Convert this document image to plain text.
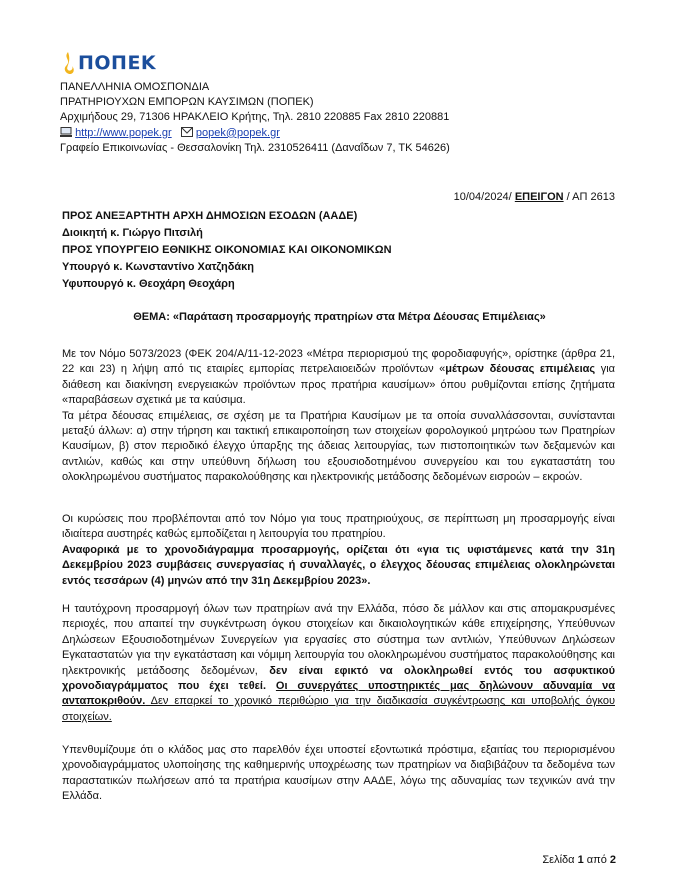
ΠΟΠΕΚ
ΠΑΝΕΛΛΗΝΙΑ ΟΜΟΣΠΟΝΔΙΑ
ΠΡΑΤΗΡΙΟΥΧΩΝ ΕΜΠΟΡΩΝ ΚΑΥΣΙΜΩΝ (ΠΟΠΕΚ)
Αρχιμήδους 29, 71306 ΗΡΑΚΛΕΙΟ Κρήτης, Τηλ. 2810 220885 Fax 2810 220881
http://www.popek.gr popek@popek.gr
Γραφείο Επικοινωνίας - Θεσσαλονίκη Τηλ. 2310526411 (Δαναΐδων 7, ΤΚ 54626)
10/04/2024/ ΕΠΕΙΓΟΝ / ΑΠ 2613
ΠΡΟΣ ΑΝΕΞΑΡΤΗΤΗ ΑΡΧΗ ΔΗΜΟΣΙΩΝ ΕΣΟΔΩΝ (ΑΑΔΕ)
Διοικητή κ. Γιώργο Πιτσιλή
ΠΡΟΣ ΥΠΟΥΡΓΕΙΟ ΕΘΝΙΚΗΣ ΟΙΚΟΝΟΜΙΑΣ ΚΑΙ ΟΙΚΟΝΟΜΙΚΩΝ
Υπουργό κ. Κωνσταντίνο Χατζηδάκη
Υφυπουργό κ. Θεοχάρη Θεοχάρη
ΘΕΜΑ: «Παράταση προσαρμογής πρατηρίων στα Μέτρα Δέουσας Επιμέλειας»

Με τον Νόμο 5073/2023 (ΦΕΚ 204/Α/11-12-2023 «Μέτρα περιορισμού της φοροδιαφυγής», ορίστηκε (άρθρα 21, 22 και 23) η λήψη από τις εταιρίες εμπορίας πετρελαιοειδών προϊόντων «μέτρων δέουσας επιμέλειας για διάθεση και διακίνηση ενεργειακών προϊόντων προς πρατήρια καυσίμων» όπου ρυθμίζονται επίσης ζητήματα «παραβάσεων σχετικά με τα καύσιμα.

Τα μέτρα δέουσας επιμέλειας, σε σχέση με τα Πρατήρια Καυσίμων με τα οποία συναλλάσσονται, συνίστανται μεταξύ άλλων: α) στην τήρηση και τακτική επικαιροποίηση των στοιχείων φορολογικού μητρώου των Πρατηρίων Καυσίμων, β) στον περιοδικό έλεγχο ύπαρξης της άδειας λειτουργίας, των πιστοποιητικών των δεξαμενών και αντλιών, καθώς και στην υπεύθυνη δήλωση του εξουσιοδοτημένου συνεργείου και του εγκαταστάτη του ολοκληρωμένου συστήματος παρακολούθησης και ηλεκτρονικής μετάδοσης δεδομένων εισροών – εκροών.

Οι κυρώσεις που προβλέπονται από τον Νόμο για τους πρατηριούχους, σε περίπτωση μη προσαρμογής είναι ιδιαίτερα αυστηρές καθώς εμποδίζεται η λειτουργία του πρατηρίου.

Αναφορικά με το χρονοδιάγραμμα προσαρμογής, ορίζεται ότι «για τις υφιστάμενες κατά την 31η Δεκεμβρίου 2023 συμβάσεις συνεργασίας ή συναλλαγές, ο έλεγχος δέουσας επιμέλειας ολοκληρώνεται εντός τεσσάρων (4) μηνών από την 31η Δεκεμβρίου 2023».

Η ταυτόχρονη προσαρμογή όλων των πρατηρίων ανά την Ελλάδα, πόσο δε μάλλον και στις απομακρυσμένες περιοχές, που απαιτεί την συγκέντρωση όγκου στοιχείων και δικαιολογητικών κάθε επιχείρησης, Υπεύθυνων Δηλώσεων Εξουσιοδοτημένων Συνεργείων για εργασίες στο σύστημα των αντλιών, Υπεύθυνων Δηλώσεων Εγκαταστατών για την εγκατάσταση και νόμιμη λειτουργία του ολοκληρωμένου συστήματος παρακολούθησης και ηλεκτρονικής μετάδοσης δεδομένων, δεν είναι εφικτό να ολοκληρωθεί εντός του ασφυκτικού χρονοδιαγράμματος που έχει τεθεί. Οι συνεργάτες υποστηρικτές μας δηλώνουν αδυναμία να ανταποκριθούν. Δεν επαρκεί το χρονικό περιθώριο για την διαδικασία συγκέντρωσης και υποβολής όγκου στοιχείων.

Υπενθυμίζουμε ότι ο κλάδος μας στο παρελθόν έχει υποστεί εξοντωτικά πρόστιμα, εξαιτίας του περιορισμένου χρονοδιαγράμματος υλοποίησης της καθημερινής υποχρέωσης των πρατηρίων να διαβιβάζουν τα δεδομένα των παραστατικών πωλήσεων από τα πρατήρια καυσίμων στην ΑΑΔΕ, λόγω της αδυναμίας των τεχνικών ανά την Ελλάδα.

Σελίδα 1 από 2
